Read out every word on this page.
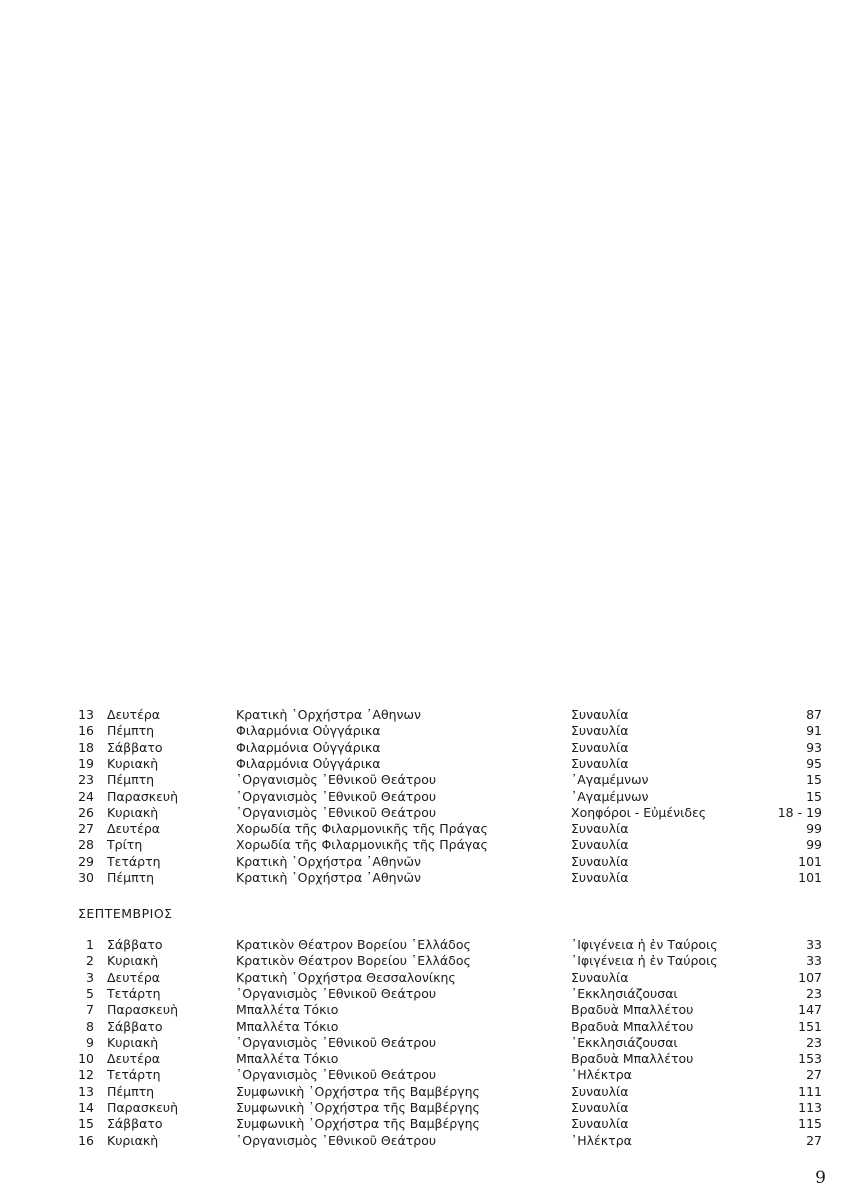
13 Δευτέρα	Κρατικὴ ῾Ορχήστρα ᾿Αθηνων	Συναυλία	87
16 Πέμπτη	Φιλαρμόνια Οὐγγάρικα	Συναυλία	91
18 Σάββατο	Φιλαρμόνια Οὐγγάρικα	Συναυλία	93
19 Κυριακὴ	Φιλαρμόνια Οὐγγάρικα	Συναυλία	95
23 Πέμπτη	῾Οργανισμὸς ᾿Εθνικοῦ Θεάτρου	᾿Αγαμέμνων	15
24 Παρασκευὴ	῾Οργανισμὸς ᾿Εθνικοῦ Θεάτρου	᾿Αγαμέμνων	15
26 Κυριακὴ	῾Οργανισμὸς ᾿Εθνικοῦ Θεάτρου	Χοηφόροι - Εὐμένιδες	18 - 19
27 Δευτέρα	Χορωδία τῆς Φιλαρμονικῆς τῆς Πράγας	Συναυλία	99
28 Τρίτη	Χορωδία τῆς Φιλαρμονικῆς τῆς Πράγας	Συναυλία	99
29 Τετάρτη	Κρατικὴ ῾Ορχήστρα ᾿Αθηνῶν	Συναυλία	101
30 Πέμπτη	Κρατικὴ ῾Ορχήστρα ᾿Αθηνῶν	Συναυλία	101
ΣΕΠΤΕΜΒΡΙΟΣ
1 Σάββατο	Κρατικὸν Θέατρον Βορείου ῾Ελλάδος	᾿Ιφιγένεια ἡ ἐν Ταύροις	33
2 Κυριακὴ	Κρατικὸν Θέατρον Βορείου ῾Ελλάδος	᾿Ιφιγένεια ἡ ἐν Ταύροις	33
3 Δευτέρα	Κρατικὴ ῾Ορχήστρα Θεσσαλονίκης	Συναυλία	107
5 Τετάρτη	῾Οργανισμὸς ᾿Εθνικοῦ Θεάτρου	᾿Εκκλησιάζουσαι	23
7 Παρασκευὴ	Μπαλλέτα Τόκιο	Βραδυὰ Μπαλλέτου	147
8 Σάββατο	Μπαλλέτα Τόκιο	Βραδυὰ Μπαλλέτου	151
9 Κυριακὴ	῾Οργανισμὸς ᾿Εθνικοῦ Θεάτρου	᾿Εκκλησιάζουσαι	23
10 Δευτέρα	Μπαλλέτα Τόκιο	Βραδυὰ Μπαλλέτου	153
12 Τετάρτη	῾Οργανισμὸς ᾿Εθνικοῦ Θεάτρου	᾿Ηλέκτρα	27
13 Πέμπτη	Συμφωνικὴ ᾿Ορχήστρα τῆς Βαμβέργης	Συναυλία	111
14 Παρασκευὴ	Συμφωνικὴ ᾿Ορχήστρα τῆς Βαμβέργης	Συναυλία	113
15 Σάββατο	Συμφωνικὴ ᾿Ορχήστρα τῆς Βαμβέργης	Συναυλία	115
16 Κυριακὴ	῾Οργανισμὸς ᾿Εθνικοῦ Θεάτρου	᾿Ηλέκτρα	27
9
